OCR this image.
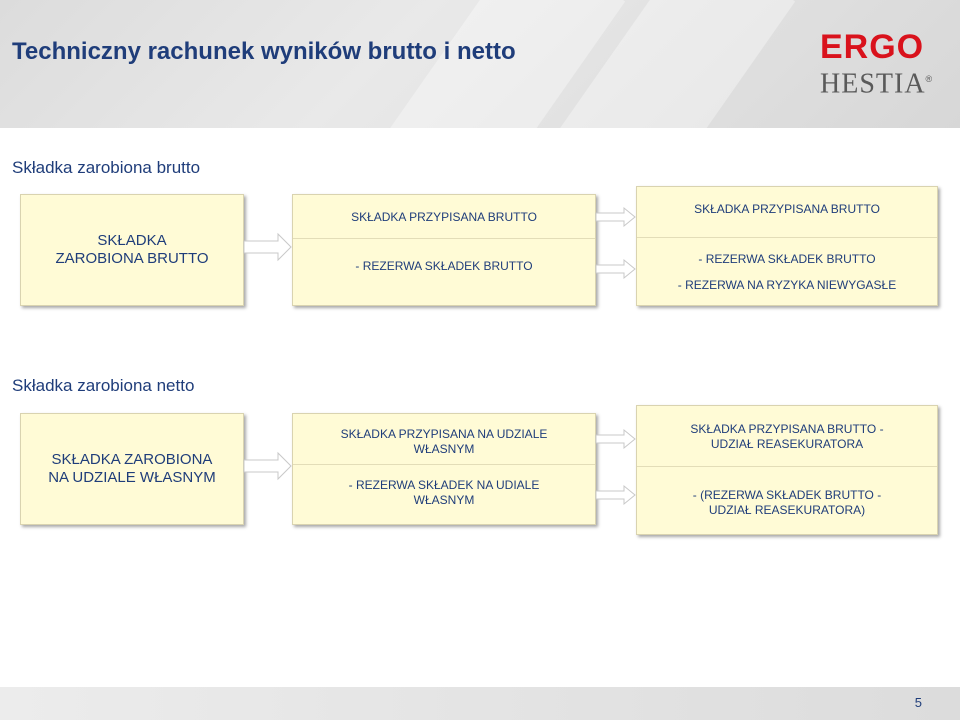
Techniczny rachunek wyników brutto i netto	ERGO
HESTIA®
Składka zarobiona brutto
SKŁADKA
ZAROBIONA BRUTTO
SKŁADKA PRZYPISANA BRUTTO
- REZERWA SKŁADEK BRUTTO
SKŁADKA PRZYPISANA BRUTTO
- REZERWA SKŁADEK BRUTTO
- REZERWA NA RYZYKA NIEWYGASŁE
Składka zarobiona netto
SKŁADKA ZAROBIONA
NA UDZIALE WŁASNYM
SKŁADKA PRZYPISANA NA UDZIALE
WŁASNYM
- REZERWA SKŁADEK NA UDIALE
WŁASNYM
SKŁADKA PRZYPISANA BRUTTO -
UDZIAŁ REASEKURATORA
- (REZERWA SKŁADEK BRUTTO -
UDZIAŁ REASEKURATORA)
5
